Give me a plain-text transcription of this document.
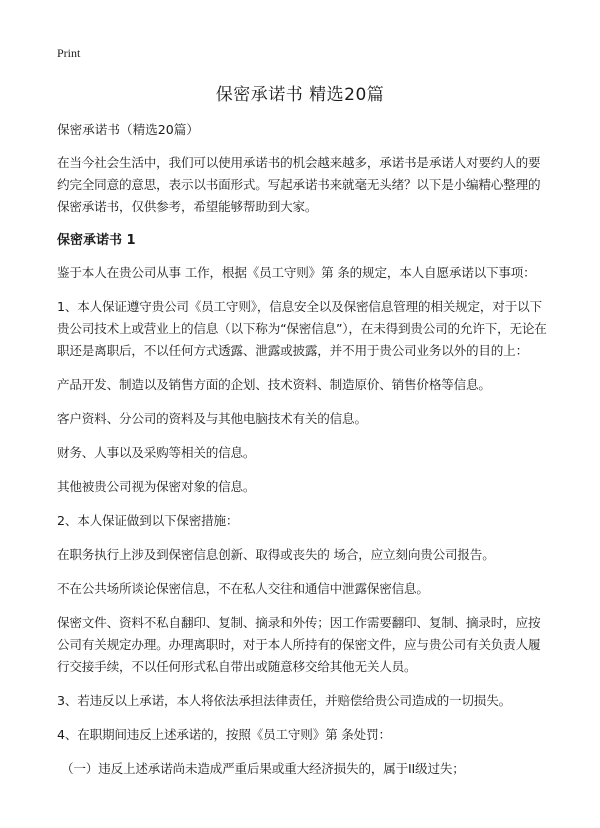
Print
保密承诺书 精选20篇

保密承诺书（精选20篇）

在当今社会生活中，我们可以使用承诺书的机会越来越多，承诺书是承诺人对要约人的要约完全同意的意思，表示以书面形式。写起承诺书来就毫无头绪？以下是小编精心整理的保密承诺书，仅供参考，希望能够帮助到大家。

保密承诺书 1

鉴于本人在贵公司从事 工作，根据《员工守则》第 条的规定，本人自愿承诺以下事项：

1、本人保证遵守贵公司《员工守则》，信息安全以及保密信息管理的相关规定，对于以下贵公司技术上或营业上的信息（以下称为“保密信息”），在未得到贵公司的允许下，无论在职还是离职后，不以任何方式透露、泄露或披露，并不用于贵公司业务以外的目的上：

产品开发、制造以及销售方面的企划、技术资料、制造原价、销售价格等信息。

客户资料、分公司的资料及与其他电脑技术有关的信息。

财务、人事以及采购等相关的信息。

其他被贵公司视为保密对象的信息。

2、本人保证做到以下保密措施：

在职务执行上涉及到保密信息创新、取得或丧失的 场合，应立刻向贵公司报告。

不在公共场所谈论保密信息，不在私人交往和通信中泄露保密信息。

保密文件、资料不私自翻印、复制、摘录和外传；因工作需要翻印、复制、摘录时，应按公司有关规定办理。办理离职时，对于本人所持有的保密文件，应与贵公司有关负责人履行交接手续，不以任何形式私自带出或随意移交给其他无关人员。

3、若违反以上承诺，本人将依法承担法律责任，并赔偿给贵公司造成的一切损失。

4、在职期间违反上述承诺的，按照《员工守则》第 条处罚：

（一）违反上述承诺尚未造成严重后果或重大经济损失的，属于II级过失；
